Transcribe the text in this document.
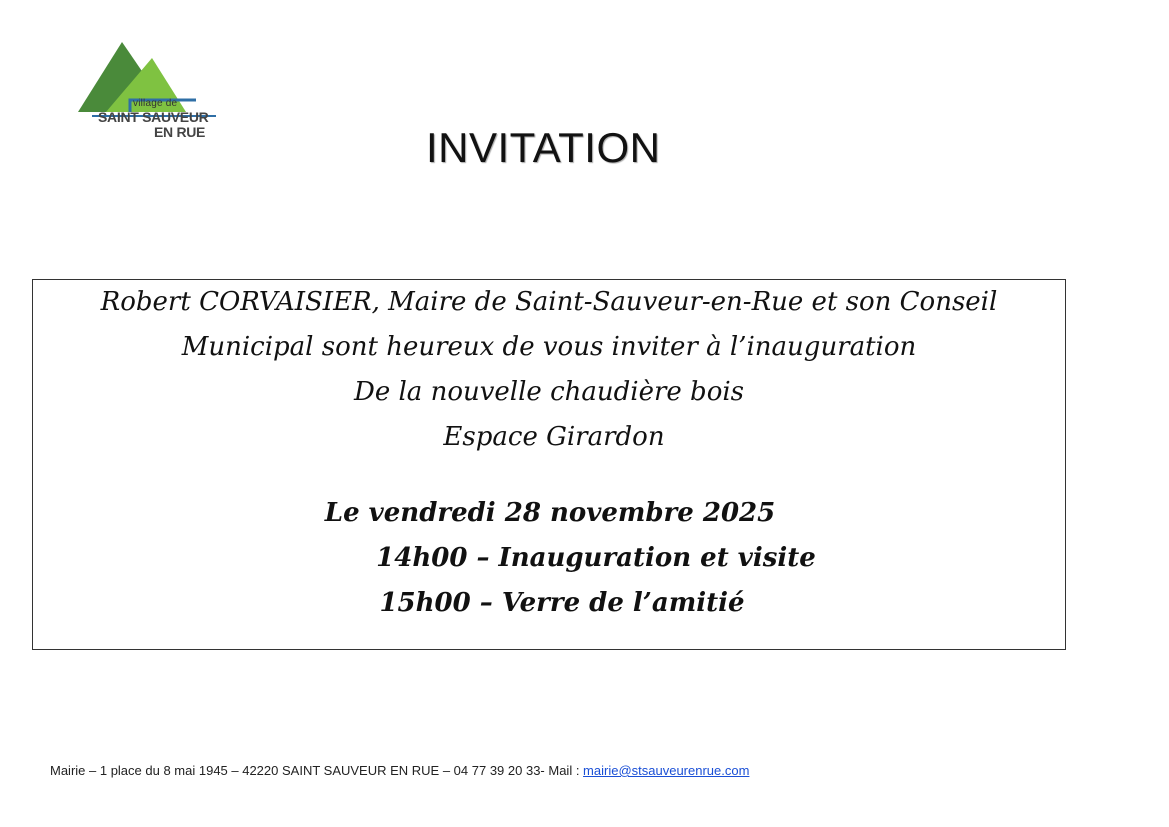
village de
SAINT SAUVEUR
EN RUE	INVITATION
Robert CORVAISIER, Maire de Saint-Sauveur-en-Rue et son Conseil
Municipal sont heureux de vous inviter à l’inauguration
De la nouvelle chaudière bois
Espace Girardon
Le vendredi 28 novembre 2025
14h00 – Inauguration et visite
15h00 – Verre de l’amitié
Mairie – 1 place du 8 mai 1945 – 42220 SAINT SAUVEUR EN RUE – 04 77 39 20 33- Mail : mairie@stsauveurenrue.com
